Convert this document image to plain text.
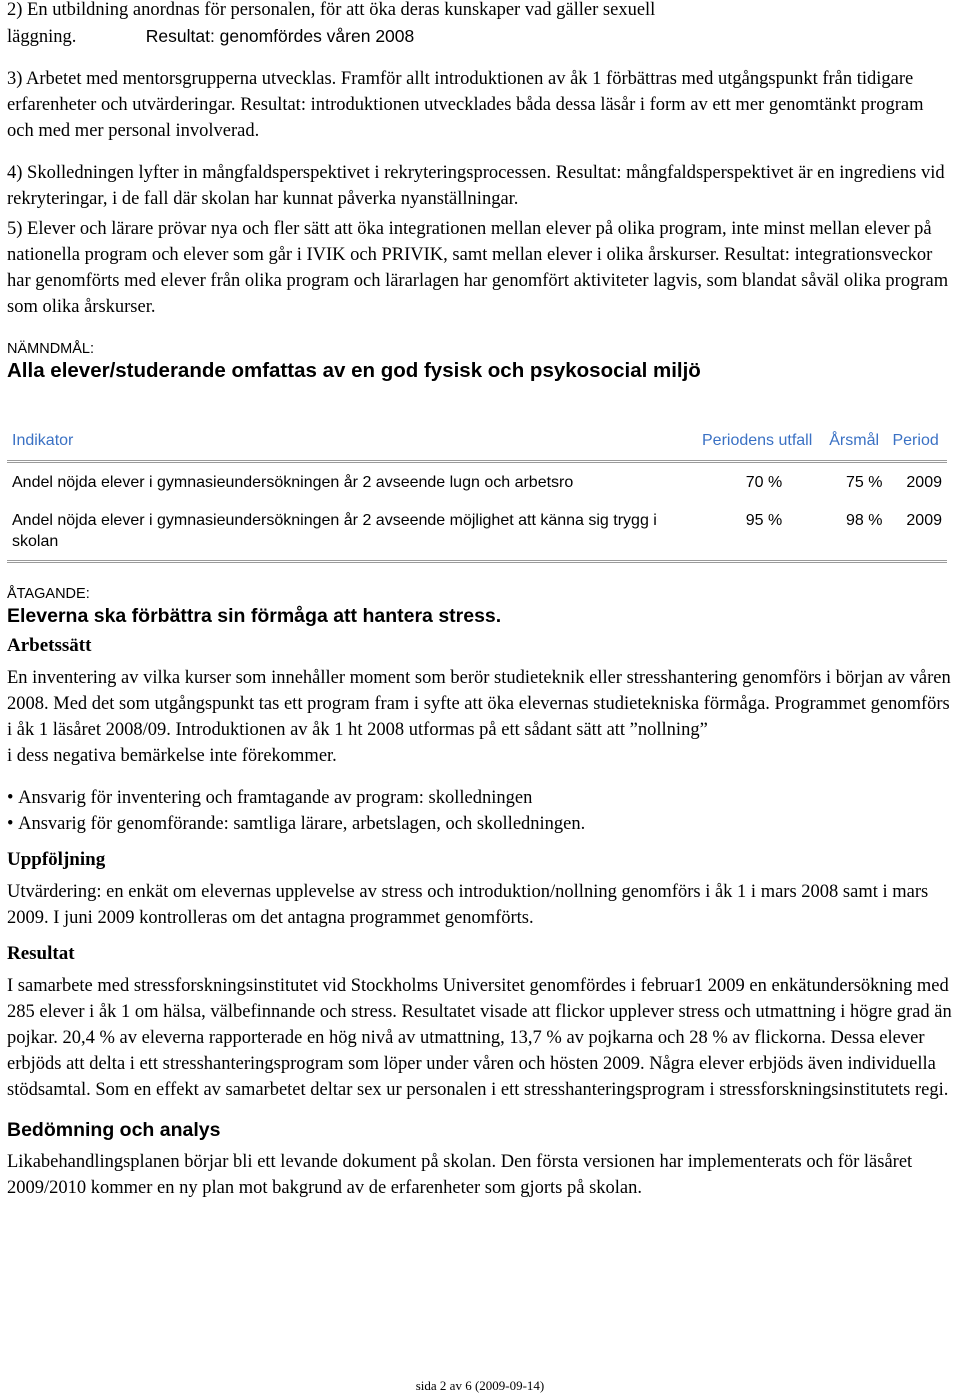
2) En utbildning anordnas för personalen, för att öka deras kunskaper vad gäller sexuell
läggning.	Resultat: genomfördes våren 2008

3) Arbetet med mentorsgrupperna utvecklas. Framför allt introduktionen av åk 1 förbättras med utgångspunkt från tidigare erfarenheter och utvärderingar. Resultat: introduktionen utvecklades båda dessa läsår i form av ett mer genomtänkt program och med mer personal involverad.

4) Skolledningen lyfter in mångfaldsperspektivet i rekryteringsprocessen. Resultat: mångfaldsperspektivet är en ingrediens vid rekryteringar, i de fall där skolan har kunnat påverka nyanställningar.

5) Elever och lärare prövar nya och fler sätt att öka integrationen mellan elever på olika program, inte minst mellan elever på nationella program och elever som går i IVIK och PRIVIK, samt mellan elever i olika årskurser. Resultat: integrationsveckor har genomförts med elever från olika program och lärarlagen har genomfört aktiviteter lagvis, som blandat såväl olika program som olika årskurser.

NÄMNDMÅL:
Alla elever/studerande omfattas av en god fysisk och psykosocial miljö
Indikator	Periodens utfall	Årsmål	Period
Andel nöjda elever i gymnasieundersökningen år 2 avseende lugn och arbetsro	70 %	75 %	2009
Andel nöjda elever i gymnasieundersökningen år 2 avseende möjlighet att känna sig trygg i skolan	95 %	98 %	2009
ÅTAGANDE:
Eleverna ska förbättra sin förmåga att hantera stress.
Arbetssätt

En inventering av vilka kurser som innehåller moment som berör studieteknik eller stresshantering genomförs i början av våren 2008. Med det som utgångspunkt tas ett program fram i syfte att öka elevernas studietekniska förmåga. Programmet genomförs i åk 1 läsåret 2008/09. Introduktionen av åk 1 ht 2008 utformas på ett sådant sätt att ”nollning”
i dess negativa bemärkelse inte förekommer.

• Ansvarig för inventering och framtagande av program: skolledningen
• Ansvarig för genomförande: samtliga lärare, arbetslagen, och skolledningen.
Uppföljning

Utvärdering: en enkät om elevernas upplevelse av stress och introduktion/nollning genomförs i åk 1 i mars 2008 samt i mars 2009. I juni 2009 kontrolleras om det antagna programmet genomförts.

Resultat

I samarbete med stressforskningsinstitutet vid Stockholms Universitet genomfördes i februar1 2009 en enkätundersökning med 285 elever i åk 1 om hälsa, välbefinnande och stress. Resultatet visade att flickor upplever stress och utmattning i högre grad än pojkar. 20,4 % av eleverna rapporterade en hög nivå av utmattning, 13,7 % av pojkarna och 28 % av flickorna. Dessa elever erbjöds att delta i ett stresshanteringsprogram som löper under våren och hösten 2009. Några elever erbjöds även individuella stödsamtal. Som en effekt av samarbetet deltar sex ur personalen i ett stresshanteringsprogram i stressforskningsinstitutets regi.

Bedömning och analys

Likabehandlingsplanen börjar bli ett levande dokument på skolan. Den första versionen har implementerats och för läsåret 2009/2010 kommer en ny plan mot bakgrund av de erfarenheter som gjorts på skolan.

sida 2 av 6 (2009-09-14)
